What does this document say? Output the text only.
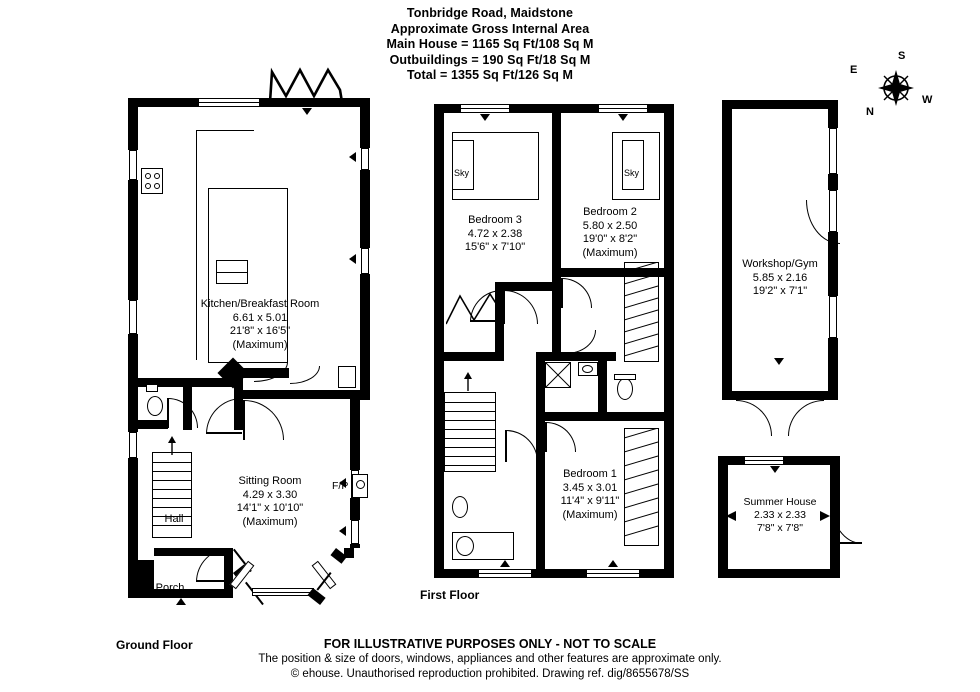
Tonbridge Road, Maidstone
Approximate Gross Internal Area
Main House = 1165 Sq Ft/108 Sq M
Outbuildings = 190 Sq Ft/18 Sq M
Total = 1355 Sq Ft/126 Sq M
S
E
W
N
F/P
Kitchen/Breakfast Room
6.61 x 5.01
21'8" x 16'5"
(Maximum)
Sitting Room
4.29 x 3.30
14'1" x 10'10"
(Maximum)
Hall
Porch
Ground Floor
Sky	Sky
Bedroom 3
4.72 x 2.38
15'6" x 7'10"
Bedroom 2
5.80 x 2.50
19'0" x 8'2"
(Maximum)
Bedroom 1
3.45 x 3.01
11'4" x 9'11"
(Maximum)
First Floor
Workshop/Gym
5.85 x 2.16
19'2" x 7'1"
Summer House
2.33 x 2.33
7'8" x 7'8"
FOR ILLUSTRATIVE PURPOSES ONLY - NOT TO SCALE
The position & size of doors, windows, appliances and other features are approximate only.
© ehouse. Unauthorised reproduction prohibited. Drawing ref. dig/8655678/SS
